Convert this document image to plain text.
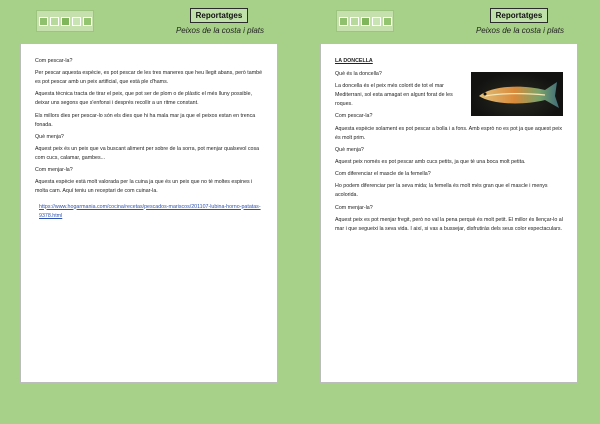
Reportatges
Peixos de la costa i plats

Com pescar-la?

Per pescar aquesta espècie, es pot pescar de les tres maneres que heu llegit abans, però també es pot pescar amb un peix artificial, que està ple d'hams.

Aquesta tècnica tracta de tirar el peix, que pot ser de plom o de plàstic el més lluny possible, deixar uns segons que s'enfonsi i després recollir a un ritme constant.

Els millors dies per pescar-lo són els dies que hi ha mala mar ja que el peixos estan en trenca fonada.

Què menja?

Aquest peix és un peix que va buscant aliment per sobre de la sorra, pot menjar qualsevol cosa com cucs, calamar, gambes...

Com menjar-la?

Aquesta espècie està molt valorada per la cuina ja que és un peix que no té moltes espines i molta carn. Aquí teniu un receptari de com cuinar-la.

https://www.hogarmania.com/cocina/recetas/pescados-mariscos/201107-lubina-horno-patatas-9378.html

Reportatges
Peixos de la costa i plats

LA DONCELLA

Què és la doncella?

La doncella és el peix més colorit de tot el mar Mediterrani, sol esta amagat en algunt forat de les roques.

Com pescar-la?

Aquesta espècie solament es pot pescar a bolla i a fons. Amb esprò no es pot ja que aquest peix és molt prim.

Què menja?

Aquest peix només es pot pescar amb cucs petits, ja que té una boca molt petita.

Com diferenciar el mascle de la femella?

Ho podem diferenciar per la seva mida; la femella és molt més gran que el mascle i menys acolorida.

Com menjar-la?

Aquest peix es pot menjar fregit, però no val la pena perquè és molt petit. El millor és llençar-lo al mar i que segueixi la seva vida. I així, si vas a bussejar, disfrutiràs dels seus color espectaculars.
